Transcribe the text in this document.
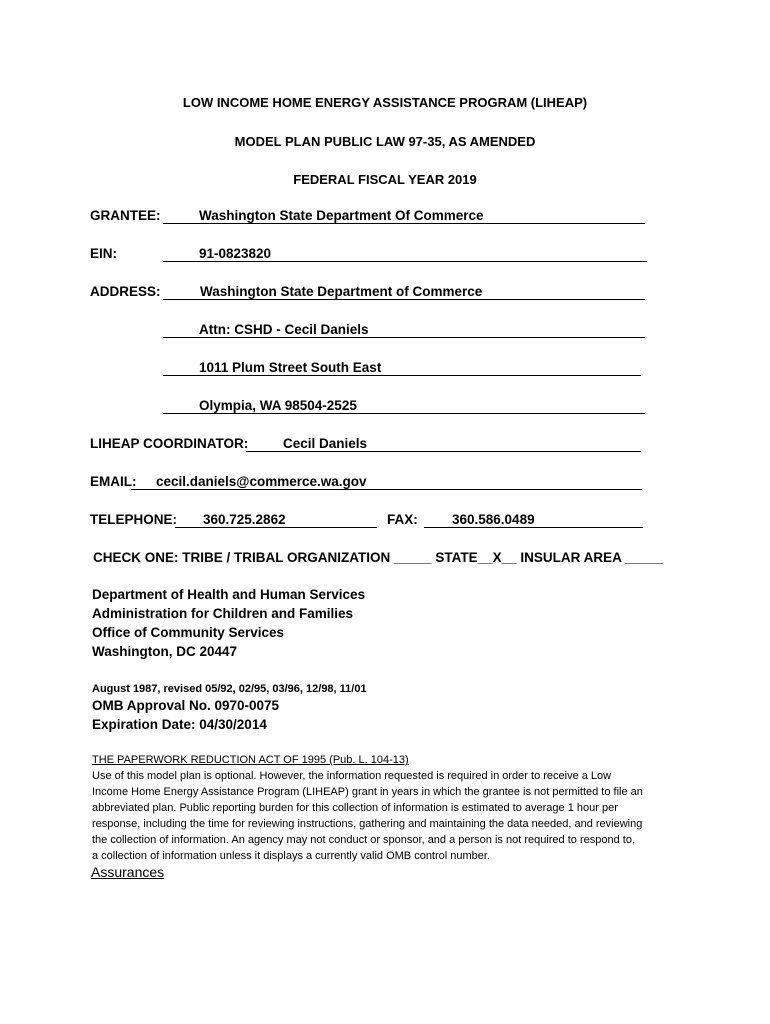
LOW INCOME HOME ENERGY ASSISTANCE PROGRAM (LIHEAP)
MODEL PLAN PUBLIC LAW 97-35, AS AMENDED
FEDERAL FISCAL YEAR 2019
GRANTEE:	Washington State Department Of Commerce
EIN:	91-0823820
ADDRESS:	Washington State Department of Commerce
Attn: CSHD - Cecil Daniels
1011 Plum Street South East
Olympia, WA 98504-2525
LIHEAP COORDINATOR:	Cecil Daniels
EMAIL: cecil.daniels@commerce.wa.gov
TELEPHONE: 360.725.2862	FAX:	360.586.0489
CHECK ONE: TRIBE / TRIBAL ORGANIZATION _____ STATE__X__ INSULAR AREA _____
Department of Health and Human Services
Administration for Children and Families
Office of Community Services
Washington, DC 20447
August 1987, revised 05/92, 02/95, 03/96, 12/98, 11/01
OMB Approval No. 0970-0075
Expiration Date: 04/30/2014
THE PAPERWORK REDUCTION ACT OF 1995 (Pub. L. 104-13)
Use of this model plan is optional. However, the information requested is required in order to receive a Low
Income Home Energy Assistance Program (LIHEAP) grant in years in which the grantee is not permitted to file an
abbreviated plan. Public reporting burden for this collection of information is estimated to average 1 hour per
response, including the time for reviewing instructions, gathering and maintaining the data needed, and reviewing
the collection of information. An agency may not conduct or sponsor, and a person is not required to respond to,
a collection of information unless it displays a currently valid OMB control number.
Assurances
